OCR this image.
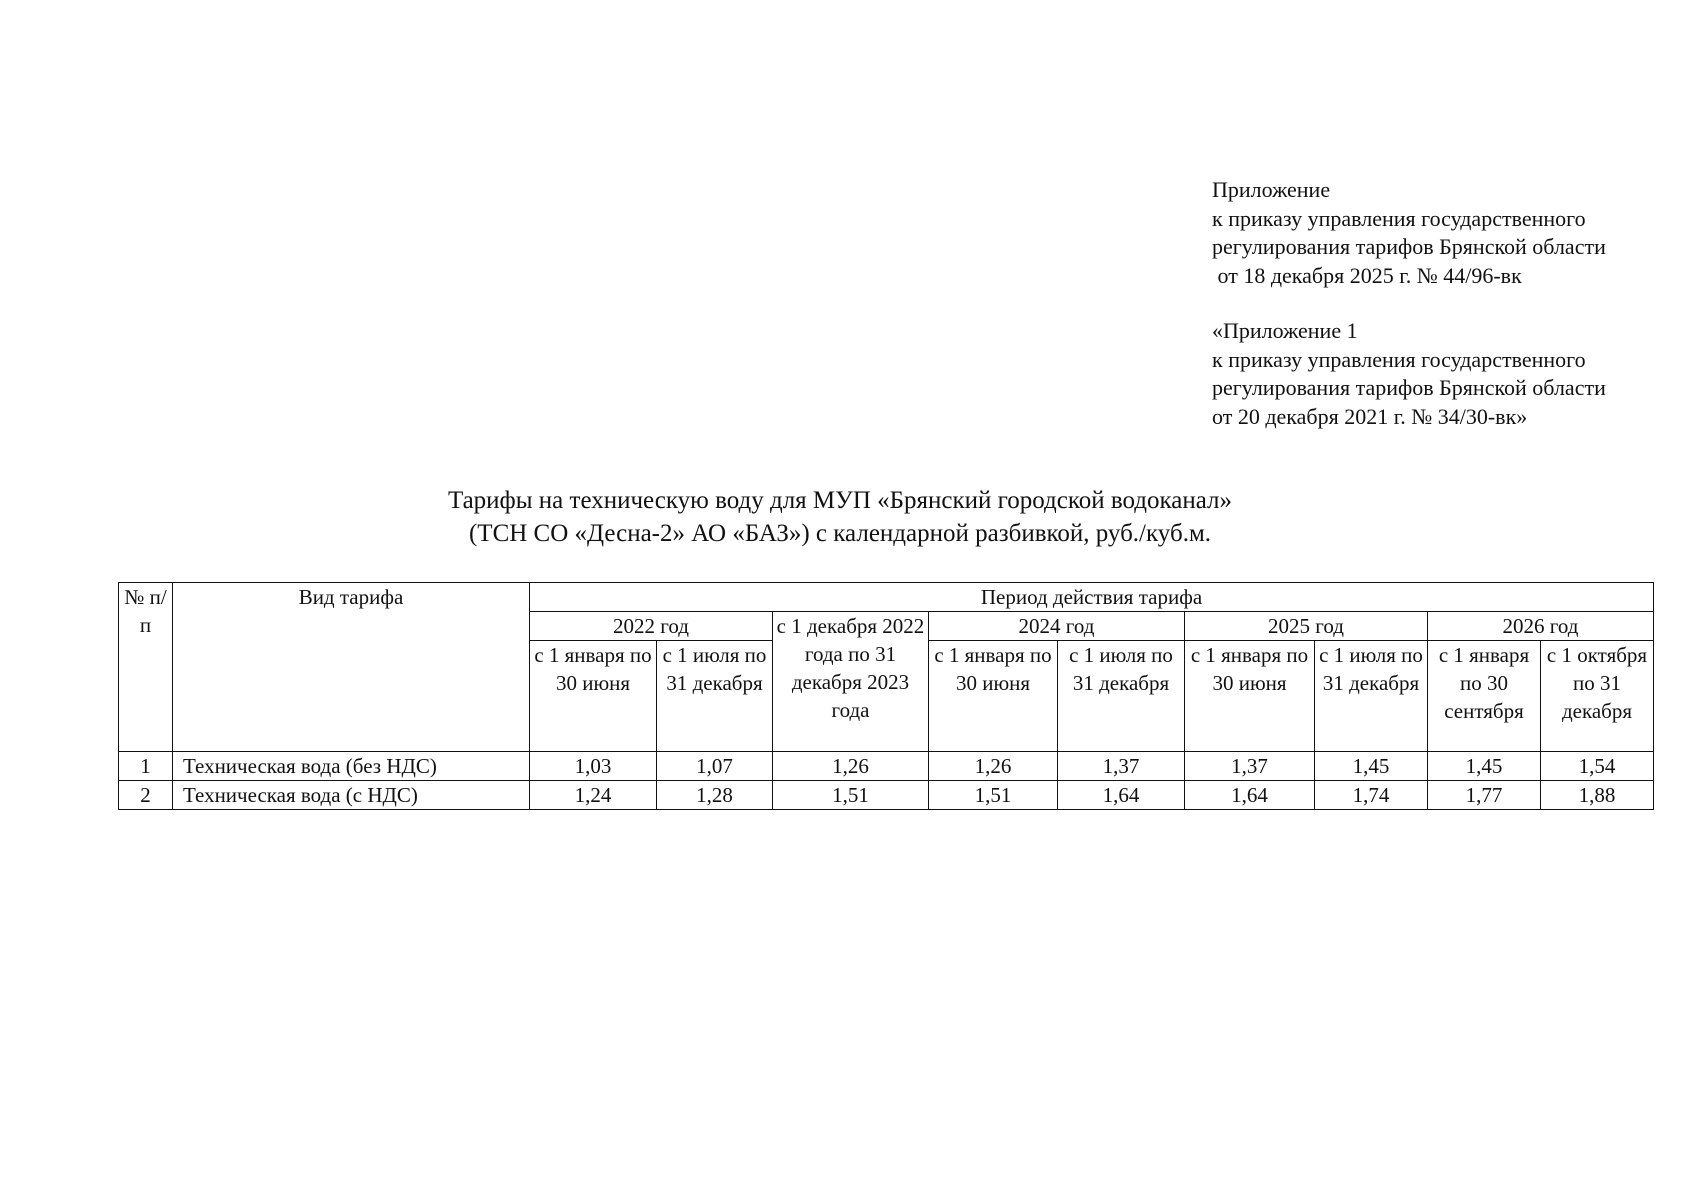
Приложение
к приказу управления государственного
регулирования тарифов Брянской области
от 18 декабря 2025 г. № 44/96-вк

«Приложение 1
к приказу управления государственного
регулирования тарифов Брянской области
от 20 декабря 2021 г. № 34/30-вк»

Тарифы на техническую воду для МУП «Брянский городской водоканал»
(ТСН СО «Десна-2» АО «БАЗ») с календарной разбивкой, руб./куб.м.
№ п/п	Вид тарифа	Период действия тарифа								
		2022 год		с 1 декабря 2022 года по 31 декабря 2023 года	2024 год		2025 год		2026 год	
		с 1 января по 30 июня	с 1 июля по 31 декабря		с 1 января по 30 июня	с 1 июля по 31 декабря	с 1 января по 30 июня	с 1 июля по 31 декабря	с 1 января по 30 сентября	с 1 октября по 31 декабря
1	Техническая вода (без НДС)	1,03	1,07	1,26	1,26	1,37	1,37	1,45	1,45	1,54
2	Техническая вода (с НДС)	1,24	1,28	1,51	1,51	1,64	1,64	1,74	1,77	1,88
